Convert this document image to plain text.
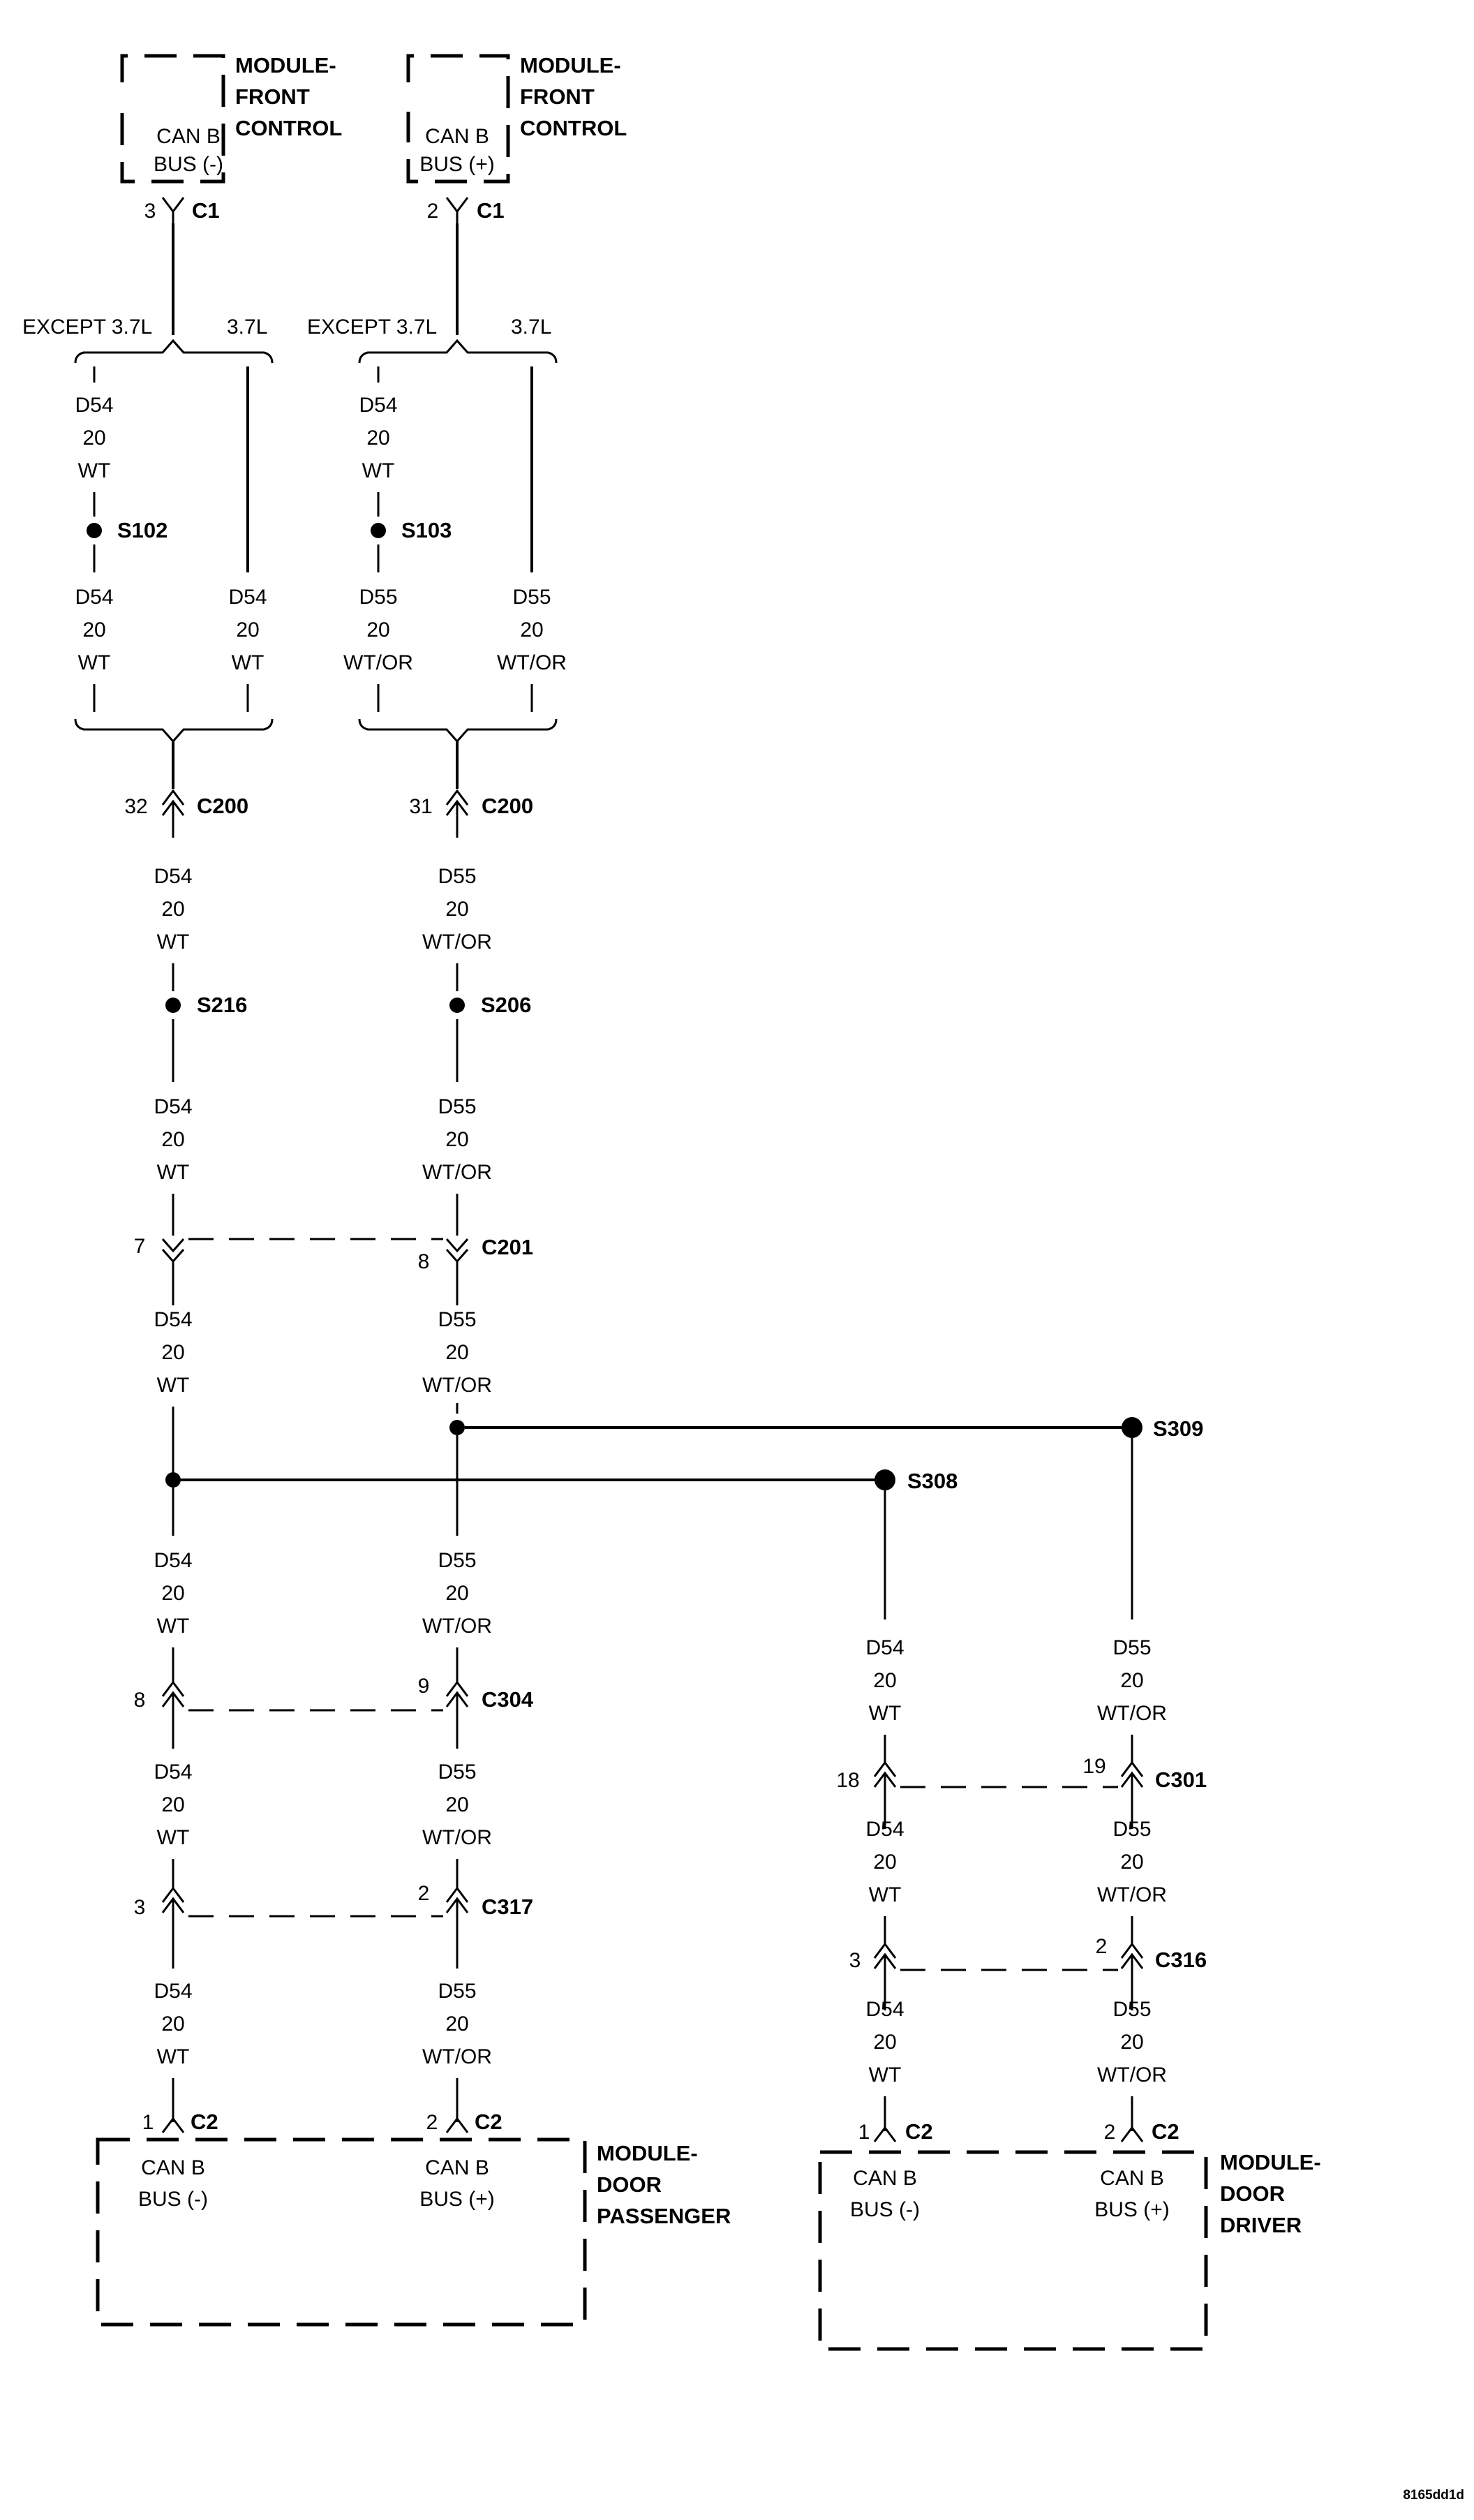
CAN B
BUS (-)
MODULE-
FRONT
CONTROL	CAN B
BUS (+)
MODULE-
FRONT
CONTROL
3 C1	2 C1
EXCEPT 3.7L	3.7L
D54
20
WT
S102
D54
20
WT
D54
20
WT
EXCEPT 3.7L	3.7L
D54
20
WT
S103
D55
20
WT/OR
D55
20
WT/OR
32 C200	31 C200
D54
20
WT
S216
D55
20
WT/OR
S206
D54
20
WT
D55
20
WT/OR
7
8
C201
D54
20
WT
D55
20
WT/OR
S309
S308
D54
20
WT
D55
20
WT/OR
8
9
C304
D54
20
WT
D55
20
WT/OR
3
2
C317
D54
20
WT
D55
20
WT/OR
1 C2	2 C2
CAN B
BUS (-)
CAN B
BUS (+)
MODULE-
DOOR
PASSENGER
D54
20
WT
D55
20
WT/OR
18
19
C301
D54
20
WT
D55
20
WT/OR
3
2
C316
D54
20
WT
D55
20
WT/OR
1 C2	2 C2
CAN B
BUS (-)
CAN B
BUS (+)
MODULE-
DOOR
DRIVER
8165dd1d
